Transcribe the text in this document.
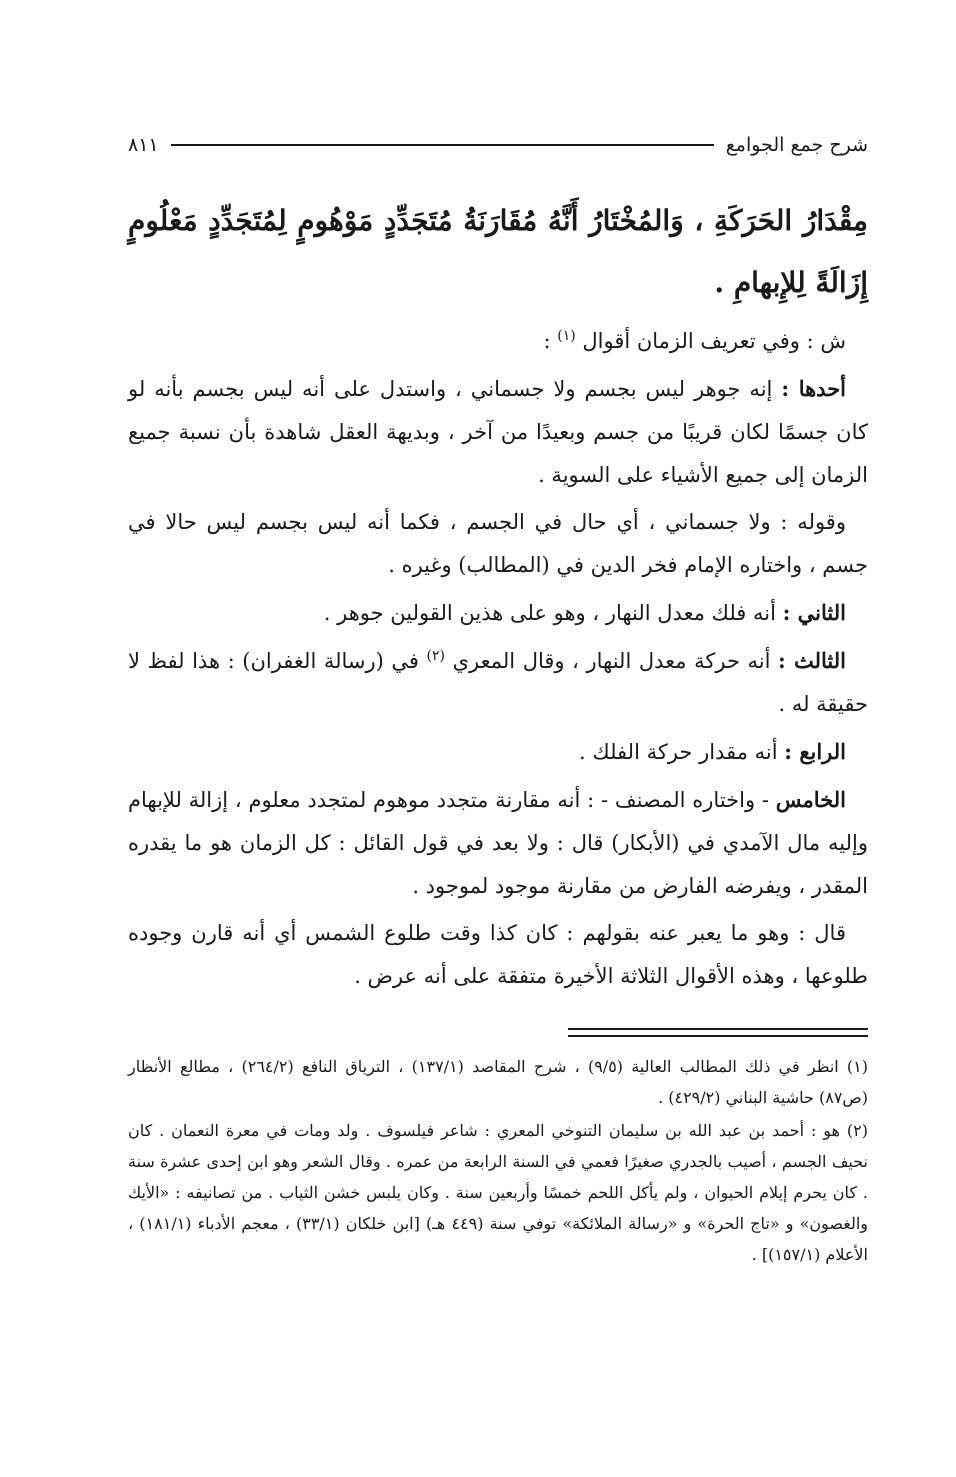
شرح جمع الجوامع
٨١١

مِقْدَارُ الحَرَكَةِ ، وَالمُخْتَارُ أَنَّهُ مُقَارَنَةُ مُتَجَدِّدٍ مَوْهُومٍ لِمُتَجَدِّدٍ مَعْلُومٍ إِزَالَةً لِلإِبهامِ .

ش : وفي تعريف الزمان أقوال $^{(١)}$ :

أحدها : إنه جوهر ليس بجسم ولا جسماني ، واستدل على أنه ليس بجسم بأنه لو كان جسمًا لكان قريبًا من جسم وبعيدًا من آخر ، وبديهة العقل شاهدة بأن نسبة جميع الزمان إلى جميع الأشياء على السوية .

وقوله : ولا جسماني ، أي حال في الجسم ، فكما أنه ليس بجسم ليس حالا في جسم ، واختاره الإمام فخر الدين في (المطالب) وغيره .

الثاني : أنه فلك معدل النهار ، وهو على هذين القولين جوهر .

الثالث : أنه حركة معدل النهار ، وقال المعري $^{(٢)}$ في (رسالة الغفران) : هذا لفظ لا حقيقة له .

الرابع : أنه مقدار حركة الفلك .

الخامس - واختاره المصنف - : أنه مقارنة متجدد موهوم لمتجدد معلوم ، إزالة للإبهام وإليه مال الآمدي في (الأبكار) قال : ولا بعد في قول القائل : كل الزمان هو ما يقدره المقدر ، ويفرضه الفارض من مقارنة موجود لموجود .

قال : وهو ما يعبر عنه بقولهم : كان كذا وقت طلوع الشمس أي أنه قارن وجوده طلوعها ، وهذه الأقوال الثلاثة الأخيرة متفقة على أنه عرض .

(١) انظر في ذلك المطالب العالية (٩/٥) ، شرح المقاصد (١٣٧/١) ، الترياق النافع (٢٦٤/٢) ، مطالع الأنظار (ص٨٧) حاشية البناني (٤٢٩/٢) .

(٢) هو : أحمد بن عبد الله بن سليمان التنوخي المعري : شاعر فيلسوف . ولد ومات في معرة النعمان . كان نحيف الجسم ، أصيب بالجدري صغيرًا فعمي في السنة الرابعة من عمره . وقال الشعر وهو ابن إحدى عشرة سنة . كان يحرم إيلام الحيوان ، ولم يأكل اللحم خمسًا وأربعين سنة . وكان يلبس خشن الثياب . من تصانيفه : «الأيك والغصون» و «تاج الحرة» و «رسالة الملائكة» توفي سنة (٤٤٩ هـ) [ابن خلكان (٣٣/١) ، معجم الأدباء (١٨١/١) ، الأعلام (١٥٧/١)] .
